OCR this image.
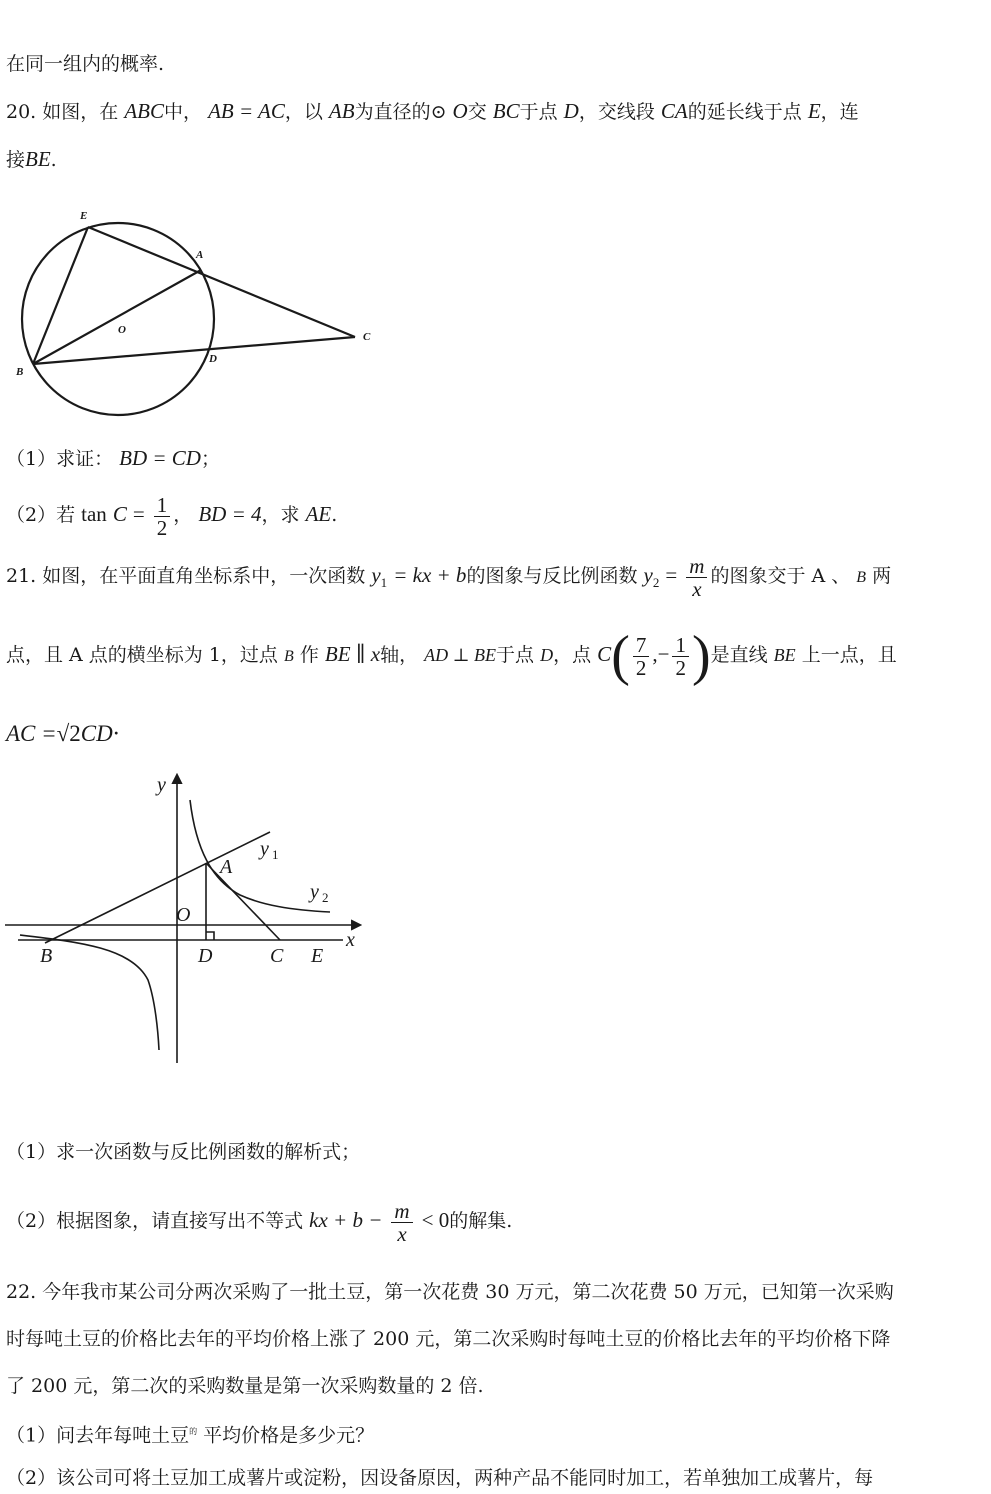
在同一组内的概率.
20. 如图，在 ABC中， AB = AC，以 AB为直径的⊙ O交 BC于点 D，交线段 CA的延长线于点 E，连
接BE.
E
A
O
B
D
C
（1）求证： BD = CD；
（2）若 $\tan C = \frac{1}{2}$ ， BD = 4，求 AE.
21. 如图，在平面直角坐标系中，一次函数 $y_1$ = kx + b的图象与反比例函数 $y_2 = \frac{m}{x}$ 的图象交于 A 、 B 两
点，且 A 点的横坐标为 1，过点 B 作 BE ∥ x轴， AD ⊥ BE于点 D，点 $C( \frac{7}{2}$ ,− $\frac{1}{2}$ )是直线 BE 上一点，且
AC =√2CD·
y
y 1
A
y 2
O
x
B	D	C E
（1）求一次函数与反比例函数的解析式；
（2）根据图象，请直接写出不等式 kx + $b - \frac{m}{x} < 0$的解集.
22. 今年我市某公司分两次采购了一批土豆，第一次花费 30 万元，第二次花费 50 万元，已知第一次采购
时每吨土豆的价格比去年的平均价格上涨了 200 元，第二次采购时每吨土豆的价格比去年的平均价格下降
了 200 元，第二次的采购数量是第一次采购数量的 2 倍.
（1）问去年每吨土豆$^的$ 平均价格是多少元？
（2）该公司可将土豆加工成薯片或淀粉，因设备原因，两种产品不能同时加工，若单独加工成薯片，每
